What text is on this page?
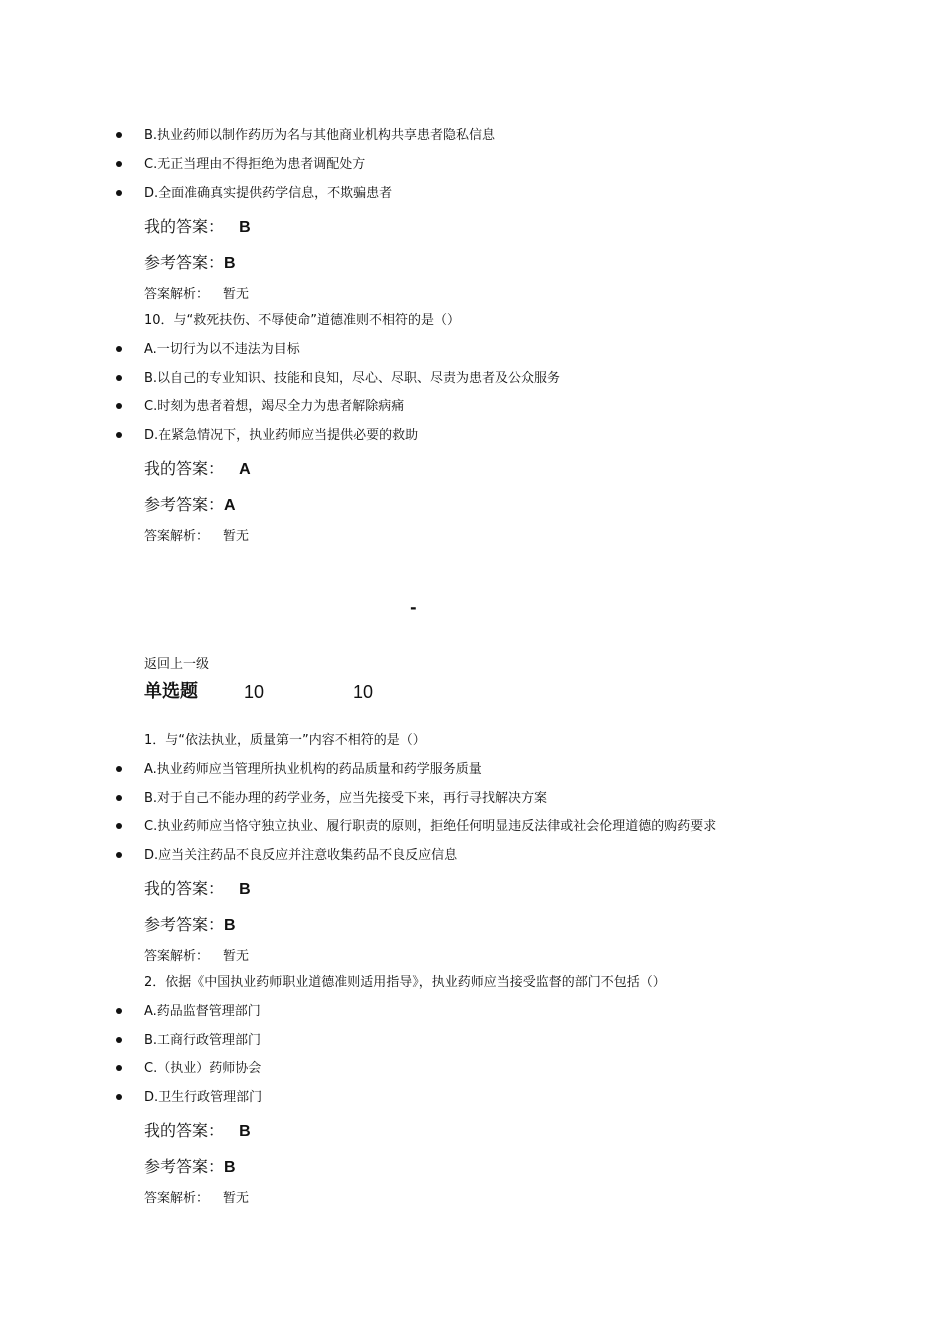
B.执业药师以制作药历为名与其他商业机构共享患者隐私信息
C.无正当理由不得拒绝为患者调配处方
D.全面准确真实提供药学信息，不欺骗患者
我的答案： B
参考答案：B
答案解析： 暂无
10．与“救死扶伤、不辱使命”道德准则不相符的是（）
A.一切行为以不违法为目标
B.以自己的专业知识、技能和良知，尽心、尽职、尽责为患者及公众服务
C.时刻为患者着想，竭尽全力为患者解除病痛
D.在紧急情况下，执业药师应当提供必要的救助
我的答案： A
参考答案：A
答案解析： 暂无
-
返回上一级
单选题	10	10
1．与“依法执业，质量第一”内容不相符的是（）
A.执业药师应当管理所执业机构的药品质量和药学服务质量
B.对于自己不能办理的药学业务，应当先接受下来，再行寻找解决方案
C.执业药师应当恪守独立执业、履行职责的原则，拒绝任何明显违反法律或社会伦理道德的购药要求
D.应当关注药品不良反应并注意收集药品不良反应信息
我的答案： B
参考答案：B
答案解析： 暂无
2．依据《中国执业药师职业道德准则适用指导》，执业药师应当接受监督的部门不包括（）
A.药品监督管理部门
B.工商行政管理部门
C.（执业）药师协会
D.卫生行政管理部门
我的答案： B
参考答案：B
答案解析： 暂无
